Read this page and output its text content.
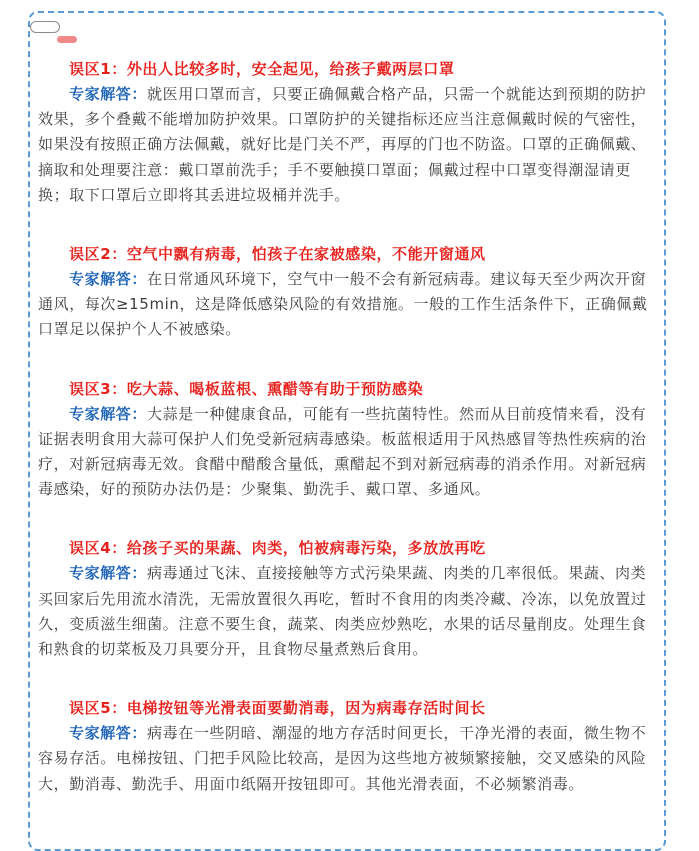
误区1：外出人比较多时，安全起见，给孩子戴两层口罩

专家解答：就医用口罩而言，只要正确佩戴合格产品，只需一个就能达到预期的防护效果，多个叠戴不能增加防护效果。口罩防护的关键指标还应当注意佩戴时候的气密性，如果没有按照正确方法佩戴，就好比是门关不严，再厚的门也不防盗。口罩的正确佩戴、摘取和处理要注意：戴口罩前洗手；手不要触摸口罩面；佩戴过程中口罩变得潮湿请更换；取下口罩后立即将其丢进垃圾桶并洗手。

误区2：空气中飘有病毒，怕孩子在家被感染，不能开窗通风

专家解答：在日常通风环境下，空气中一般不会有新冠病毒。建议每天至少两次开窗通风，每次≥15min，这是降低感染风险的有效措施。一般的工作生活条件下，正确佩戴口罩足以保护个人不被感染。

误区3：吃大蒜、喝板蓝根、熏醋等有助于预防感染

专家解答：大蒜是一种健康食品，可能有一些抗菌特性。然而从目前疫情来看，没有证据表明食用大蒜可保护人们免受新冠病毒感染。板蓝根适用于风热感冒等热性疾病的治疗，对新冠病毒无效。食醋中醋酸含量低，熏醋起不到对新冠病毒的消杀作用。对新冠病毒感染，好的预防办法仍是：少聚集、勤洗手、戴口罩、多通风。

误区4：给孩子买的果蔬、肉类，怕被病毒污染，多放放再吃

专家解答：病毒通过飞沫、直接接触等方式污染果蔬、肉类的几率很低。果蔬、肉类买回家后先用流水清洗，无需放置很久再吃，暂时不食用的肉类冷藏、冷冻，以免放置过久，变质滋生细菌。注意不要生食，蔬菜、肉类应炒熟吃，水果的话尽量削皮。处理生食和熟食的切菜板及刀具要分开，且食物尽量煮熟后食用。

误区5：电梯按钮等光滑表面要勤消毒，因为病毒存活时间长

专家解答：病毒在一些阴暗、潮湿的地方存活时间更长，干净光滑的表面，微生物不容易存活。电梯按钮、门把手风险比较高，是因为这些地方被频繁接触，交叉感染的风险大，勤消毒、勤洗手、用面巾纸隔开按钮即可。其他光滑表面，不必频繁消毒。
